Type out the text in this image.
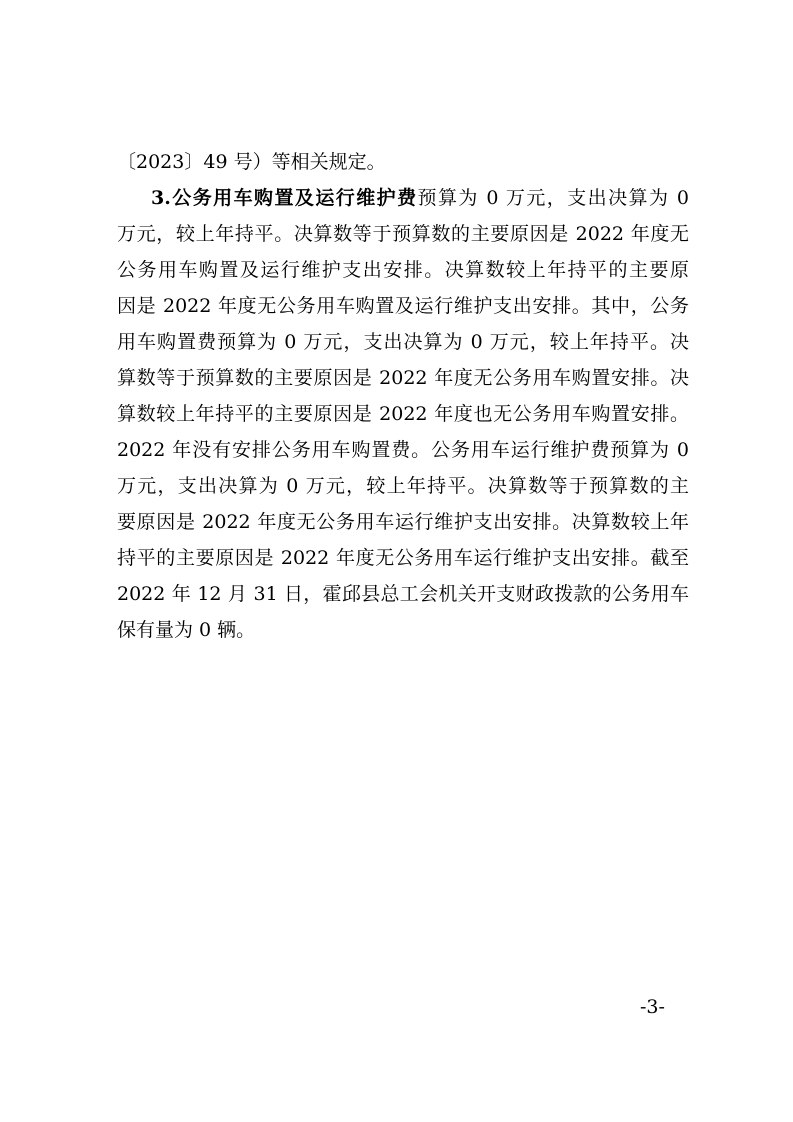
〔2023〕49 号）等相关规定。
3.公务用车购置及运行维护费预算为 0 万元，支出决算为 0
万元，较上年持平。决算数等于预算数的主要原因是 2022 年度无
公务用车购置及运行维护支出安排。决算数较上年持平的主要原
因是 2022 年度无公务用车购置及运行维护支出安排。其中，公务
用车购置费预算为 0 万元，支出决算为 0 万元，较上年持平。决
算数等于预算数的主要原因是 2022 年度无公务用车购置安排。决
算数较上年持平的主要原因是 2022 年度也无公务用车购置安排。
2022 年没有安排公务用车购置费。公务用车运行维护费预算为 0
万元，支出决算为 0 万元，较上年持平。决算数等于预算数的主
要原因是 2022 年度无公务用车运行维护支出安排。决算数较上年
持平的主要原因是 2022 年度无公务用车运行维护支出安排。截至
2022 年 12 月 31 日，霍邱县总工会机关开支财政拨款的公务用车
保有量为 0 辆。
-3-
